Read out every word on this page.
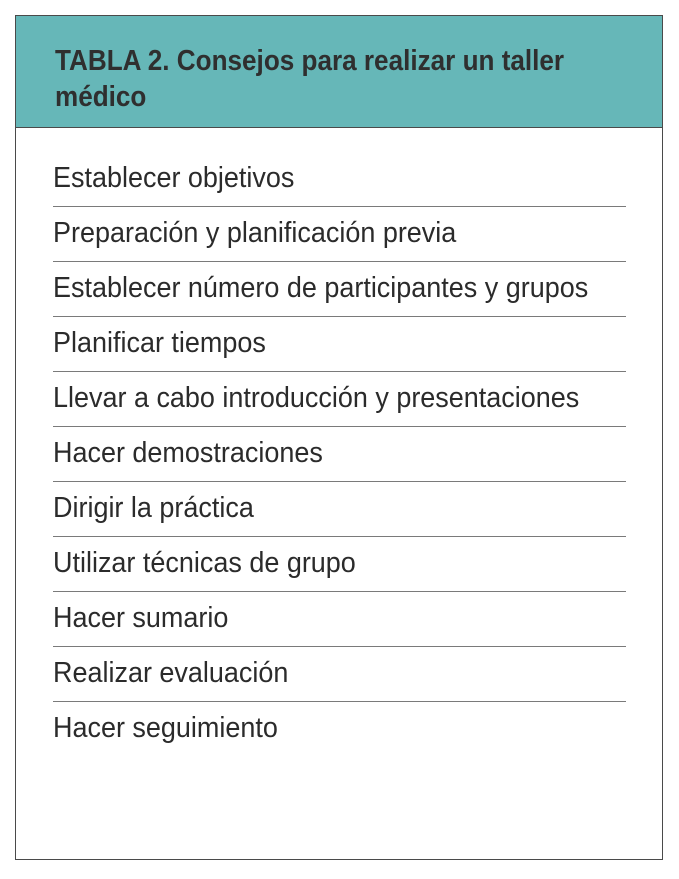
TABLA 2. Consejos para realizar un taller médico
Establecer objetivos
Preparación y planificación previa
Establecer número de participantes y grupos
Planificar tiempos
Llevar a cabo introducción y presentaciones
Hacer demostraciones
Dirigir la práctica
Utilizar técnicas de grupo
Hacer sumario
Realizar evaluación
Hacer seguimiento
